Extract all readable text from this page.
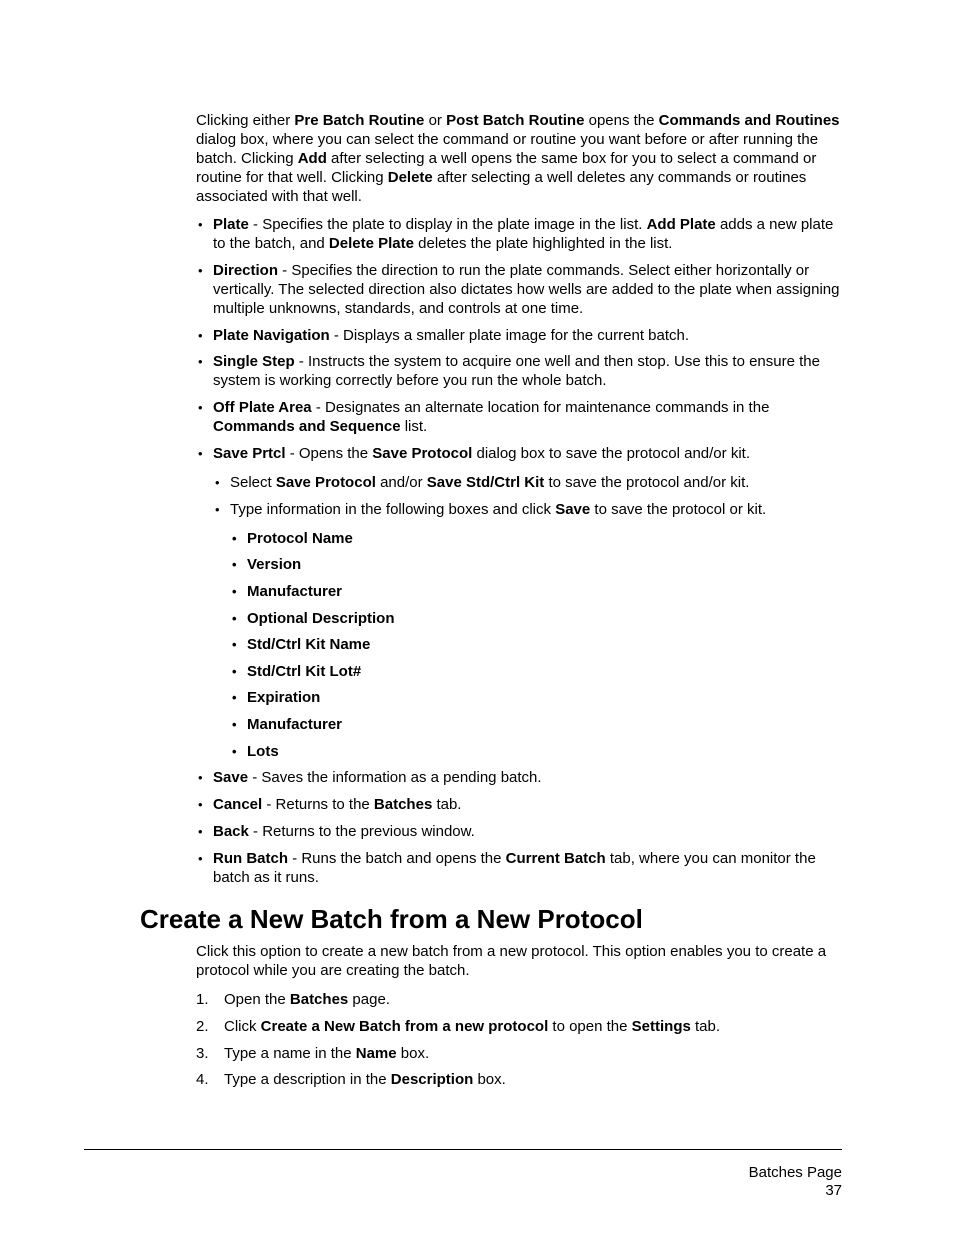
Clicking either Pre Batch Routine or Post Batch Routine opens the Commands and Routines dialog box, where you can select the command or routine you want before or after running the batch. Clicking Add after selecting a well opens the same box for you to select a command or routine for that well. Clicking Delete after selecting a well deletes any commands or routines associated with that well.

• Plate - Specifies the plate to display in the plate image in the list. Add Plate adds a new plate to the batch, and Delete Plate deletes the plate highlighted in the list.
• Direction - Specifies the direction to run the plate commands. Select either horizontally or vertically. The selected direction also dictates how wells are added to the plate when assigning multiple unknowns, standards, and controls at one time.
• Plate Navigation - Displays a smaller plate image for the current batch.
• Single Step - Instructs the system to acquire one well and then stop. Use this to ensure the system is working correctly before you run the whole batch.
• Off Plate Area - Designates an alternate location for maintenance commands in the Commands and Sequence list.
• Save Prtcl - Opens the Save Protocol dialog box to save the protocol and/or kit.
• Select Save Protocol and/or Save Std/Ctrl Kit to save the protocol and/or kit.
• Type information in the following boxes and click Save to save the protocol or kit.
• Protocol Name
• Version
• Manufacturer
• Optional Description
• Std/Ctrl Kit Name
• Std/Ctrl Kit Lot#
• Expiration
• Manufacturer
• Lots
• Save - Saves the information as a pending batch.
• Cancel - Returns to the Batches tab.
• Back - Returns to the previous window.
• Run Batch - Runs the batch and opens the Current Batch tab, where you can monitor the batch as it runs.
Create a New Batch from a New Protocol

Click this option to create a new batch from a new protocol. This option enables you to create a protocol while you are creating the batch.

1. Open the Batches page.
2. Click Create a New Batch from a new protocol to open the Settings tab.
3. Type a name in the Name box.
4. Type a description in the Description box.
Batches Page
37
